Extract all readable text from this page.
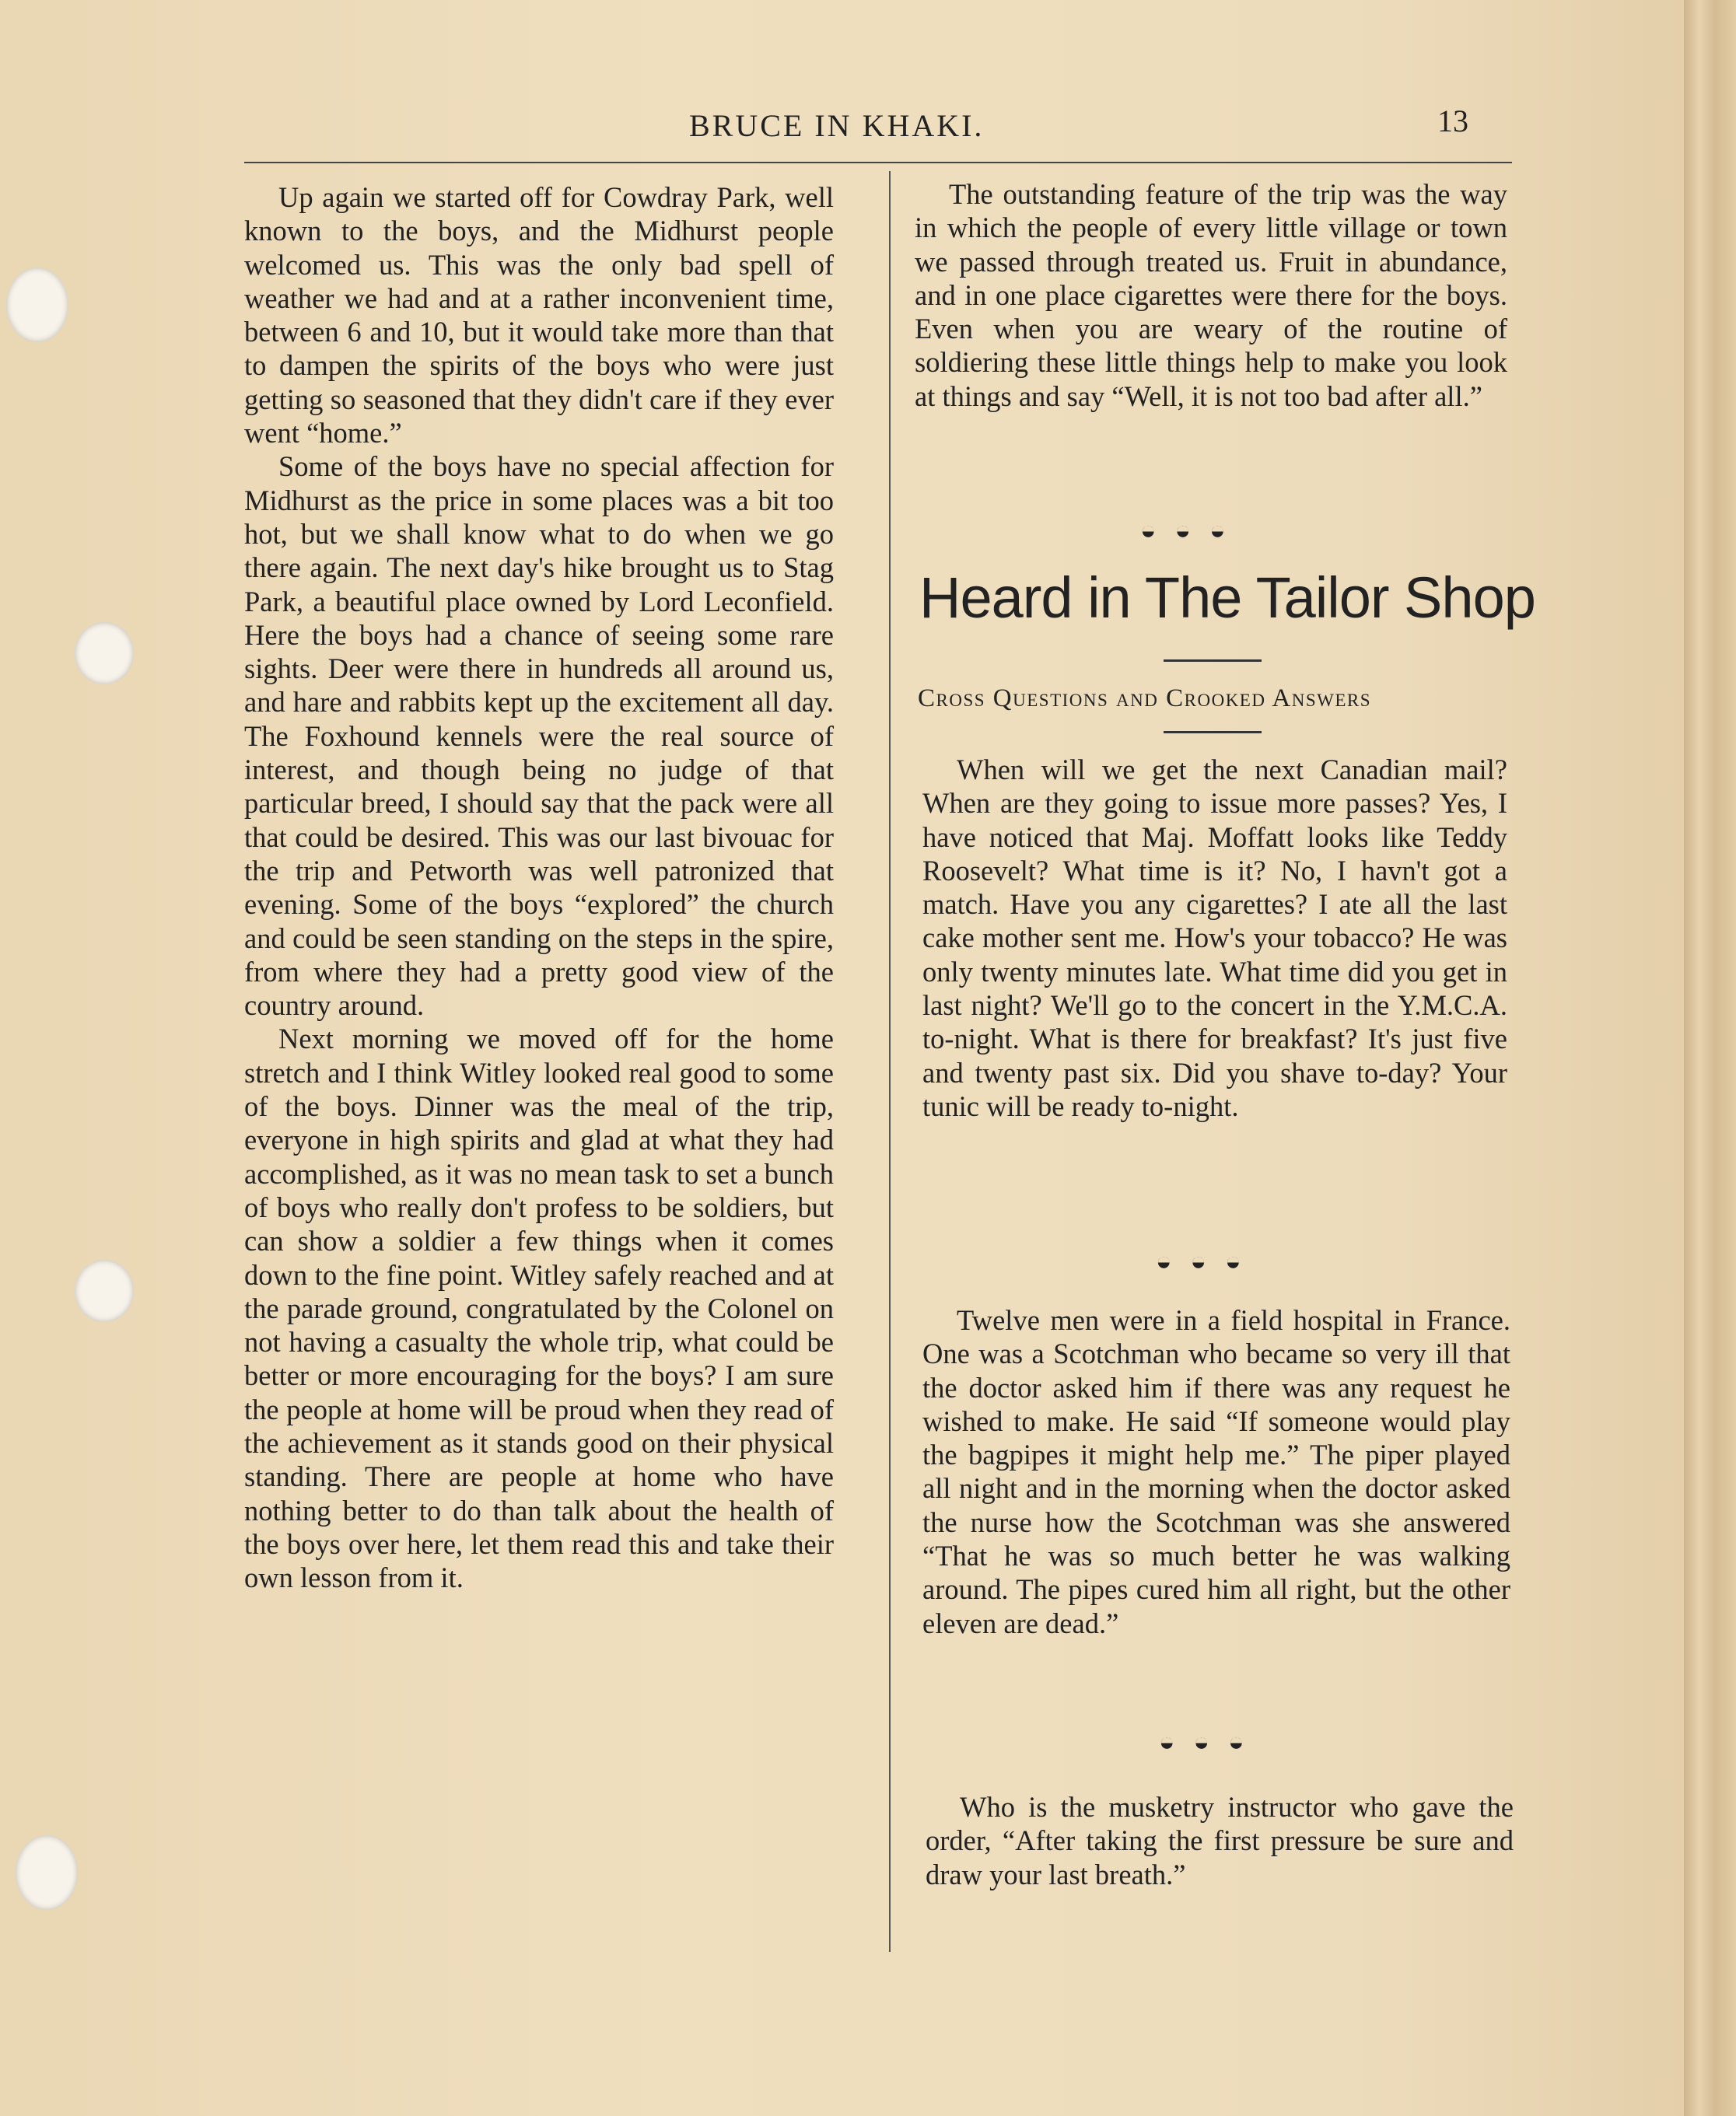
BRUCE IN KHAKI.	13

Up again we started off for Cowdray Park, well known to the boys, and the Midhurst people welcomed us. This was the only bad spell of weather we had and at a rather inconvenient time, between 6 and 10, but it would take more than that to dampen the spirits of the boys who were just getting so seasoned that they didn't care if they ever went “home.”

Some of the boys have no special affection for Midhurst as the price in some places was a bit too hot, but we shall know what to do when we go there again. The next day's hike brought us to Stag Park, a beautiful place owned by Lord Leconfield. Here the boys had a chance of seeing some rare sights. Deer were there in hundreds all around us, and hare and rabbits kept up the excitement all day. The Foxhound kennels were the real source of interest, and though being no judge of that particular breed, I should say that the pack were all that could be desired. This was our last bivouac for the trip and Petworth was well patronized that evening. Some of the boys “explored” the church and could be seen standing on the steps in the spire, from where they had a pretty good view of the country around.

Next morning we moved off for the home stretch and I think Witley looked real good to some of the boys. Dinner was the meal of the trip, everyone in high spirits and glad at what they had accomplished, as it was no mean task to set a bunch of boys who really don't profess to be soldiers, but can show a soldier a few things when it comes down to the fine point. Witley safely reached and at the parade ground, congratulated by the Colonel on not having a casualty the whole trip, what could be better or more encouraging for the boys? I am sure the people at home will be proud when they read of the achievement as it stands good on their physical standing. There are people at home who have nothing better to do than talk about the health of the boys over here, let them read this and take their own lesson from it.

The outstanding feature of the trip was the way in which the people of every little village or town we passed through treated us. Fruit in abundance, and in one place cigarettes were there for the boys. Even when you are weary of the routine of soldiering these little things help to make you look at things and say “Well, it is not too bad after all.”

◒◒◒
Heard in The Tailor Shop
Cross Questions and Crooked Answers

When will we get the next Canadian mail? When are they going to issue more passes? Yes, I have noticed that Maj. Moffatt looks like Teddy Roosevelt? What time is it? No, I havn't got a match. Have you any cigarettes? I ate all the last cake mother sent me. How's your tobacco? He was only twenty minutes late. What time did you get in last night? We'll go to the concert in the Y.M.C.A. to-night. What is there for breakfast? It's just five and twenty past six. Did you shave to-day? Your tunic will be ready to-night.

◒◒◒

Twelve men were in a field hospital in France. One was a Scotchman who became so very ill that the doctor asked him if there was any request he wished to make. He said “If someone would play the bagpipes it might help me.” The piper played all night and in the morning when the doctor asked the nurse how the Scotchman was she answered “That he was so much better he was walking around. The pipes cured him all right, but the other eleven are dead.”

◒◒◒

Who is the musketry instructor who gave the order, “After taking the first pressure be sure and draw your last breath.”
